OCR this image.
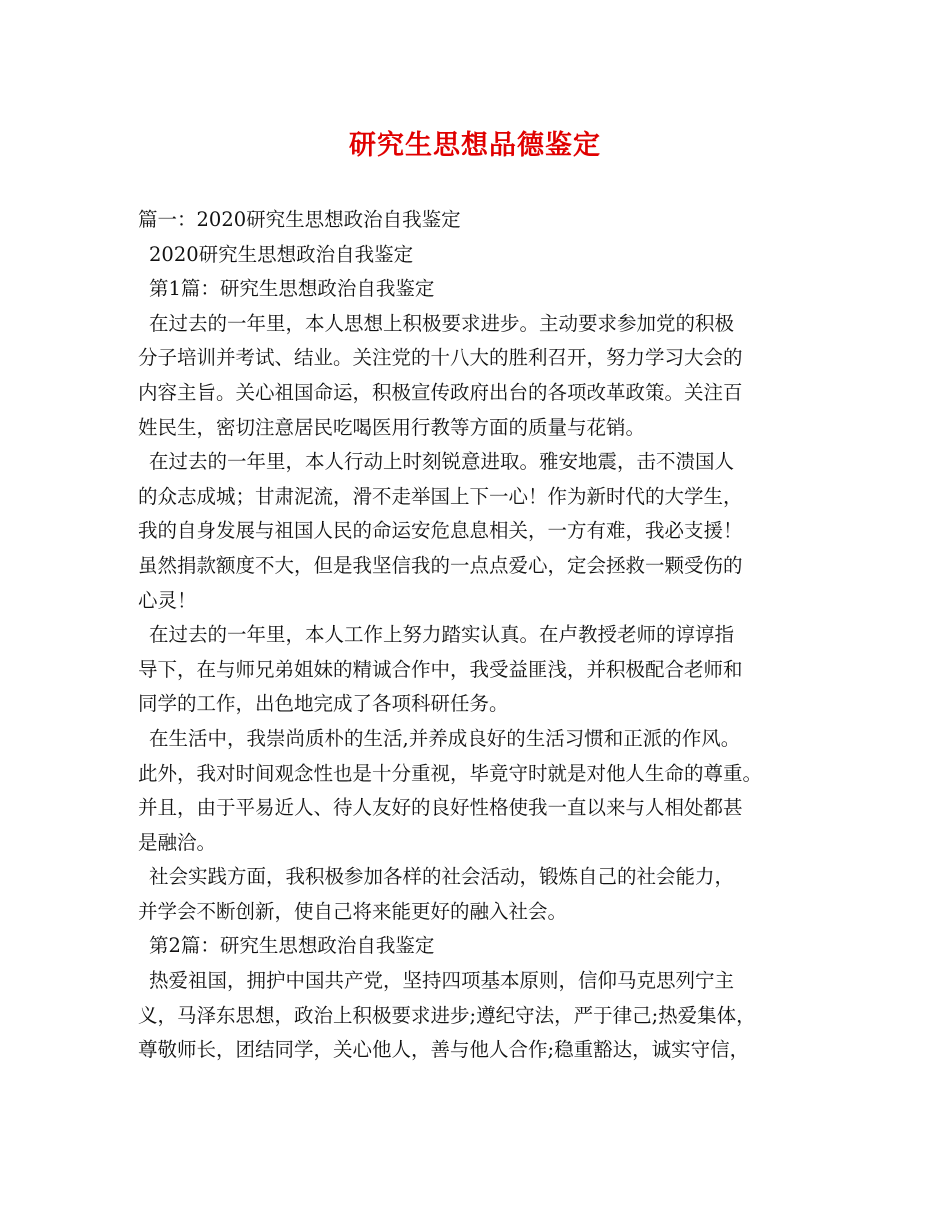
研究生思想品德鉴定
篇一：2020研究生思想政治自我鉴定
2020研究生思想政治自我鉴定
第1篇：研究生思想政治自我鉴定
在过去的一年里，本人思想上积极要求进步。主动要求参加党的积极
分子培训并考试、结业。关注党的十八大的胜利召开，努力学习大会的
内容主旨。关心祖国命运，积极宣传政府出台的各项改革政策。关注百
姓民生，密切注意居民吃喝医用行教等方面的质量与花销。
在过去的一年里，本人行动上时刻锐意进取。雅安地震，击不溃国人
的众志成城；甘肃泥流，滑不走举国上下一心！作为新时代的大学生，
我的自身发展与祖国人民的命运安危息息相关，一方有难，我必支援！
虽然捐款额度不大，但是我坚信我的一点点爱心，定会拯救一颗受伤的
心灵！
在过去的一年里，本人工作上努力踏实认真。在卢教授老师的谆谆指
导下，在与师兄弟姐妹的精诚合作中，我受益匪浅，并积极配合老师和
同学的工作，出色地完成了各项科研任务。
在生活中，我崇尚质朴的生活,并养成良好的生活习惯和正派的作风。
此外，我对时间观念性也是十分重视，毕竟守时就是对他人生命的尊重。
并且，由于平易近人、待人友好的良好性格使我一直以来与人相处都甚
是融洽。
社会实践方面，我积极参加各样的社会活动，锻炼自己的社会能力，
并学会不断创新，使自己将来能更好的融入社会。
第2篇：研究生思想政治自我鉴定
热爱祖国，拥护中国共产党，坚持四项基本原则，信仰马克思列宁主
义，马泽东思想，政治上积极要求进步;遵纪守法，严于律己;热爱集体，
尊敬师长，团结同学，关心他人，善与他人合作;稳重豁达，诚实守信，
